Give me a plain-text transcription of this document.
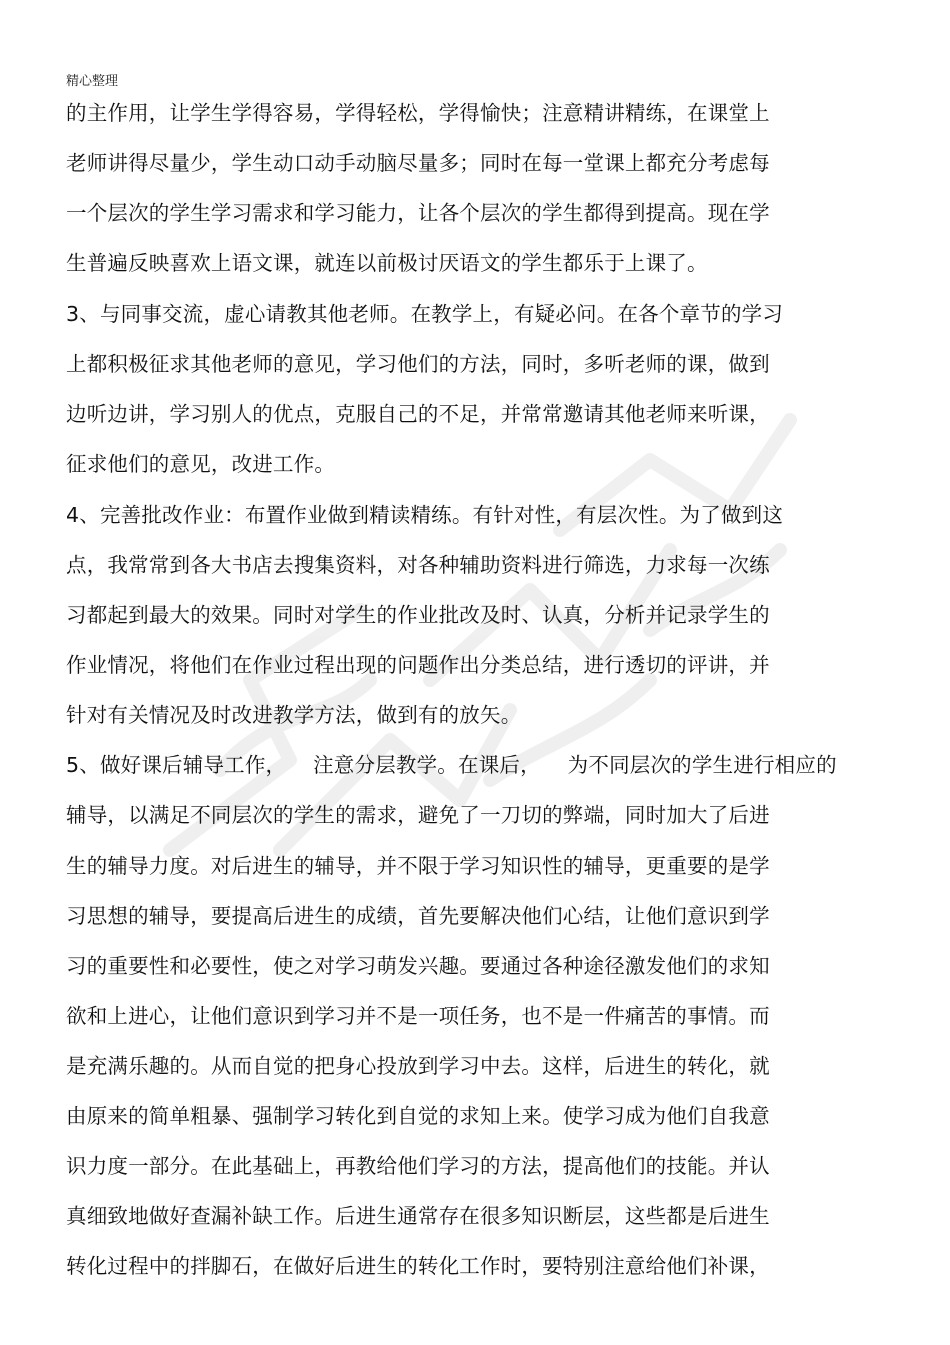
精心整理
的主作用，让学生学得容易，学得轻松，学得愉快；注意精讲精练，在课堂上
老师讲得尽量少，学生动口动手动脑尽量多；同时在每一堂课上都充分考虑每
一个层次的学生学习需求和学习能力，让各个层次的学生都得到提高。现在学
生普遍反映喜欢上语文课，就连以前极讨厌语文的学生都乐于上课了。
3、与同事交流，虚心请教其他老师。在教学上，有疑必问。在各个章节的学习
上都积极征求其他老师的意见，学习他们的方法，同时，多听老师的课，做到
边听边讲，学习别人的优点，克服自己的不足，并常常邀请其他老师来听课，
征求他们的意见，改进工作。
4、完善批改作业：布置作业做到精读精练。有针对性，有层次性。为了做到这
点，我常常到各大书店去搜集资料，对各种辅助资料进行筛选，力求每一次练
习都起到最大的效果。同时对学生的作业批改及时、认真，分析并记录学生的
作业情况，将他们在作业过程出现的问题作出分类总结，进行透切的评讲，并
针对有关情况及时改进教学方法，做到有的放矢。
5、做好课后辅导工作，    注意分层教学。在课后，    为不同层次的学生进行相应的
辅导，以满足不同层次的学生的需求，避免了一刀切的弊端，同时加大了后进
生的辅导力度。对后进生的辅导，并不限于学习知识性的辅导，更重要的是学
习思想的辅导，要提高后进生的成绩，首先要解决他们心结，让他们意识到学
习的重要性和必要性，使之对学习萌发兴趣。要通过各种途径激发他们的求知
欲和上进心，让他们意识到学习并不是一项任务，也不是一件痛苦的事情。而
是充满乐趣的。从而自觉的把身心投放到学习中去。这样，后进生的转化，就
由原来的简单粗暴、强制学习转化到自觉的求知上来。使学习成为他们自我意
识力度一部分。在此基础上，再教给他们学习的方法，提高他们的技能。并认
真细致地做好查漏补缺工作。后进生通常存在很多知识断层，这些都是后进生
转化过程中的拌脚石，在做好后进生的转化工作时，要特别注意给他们补课，
